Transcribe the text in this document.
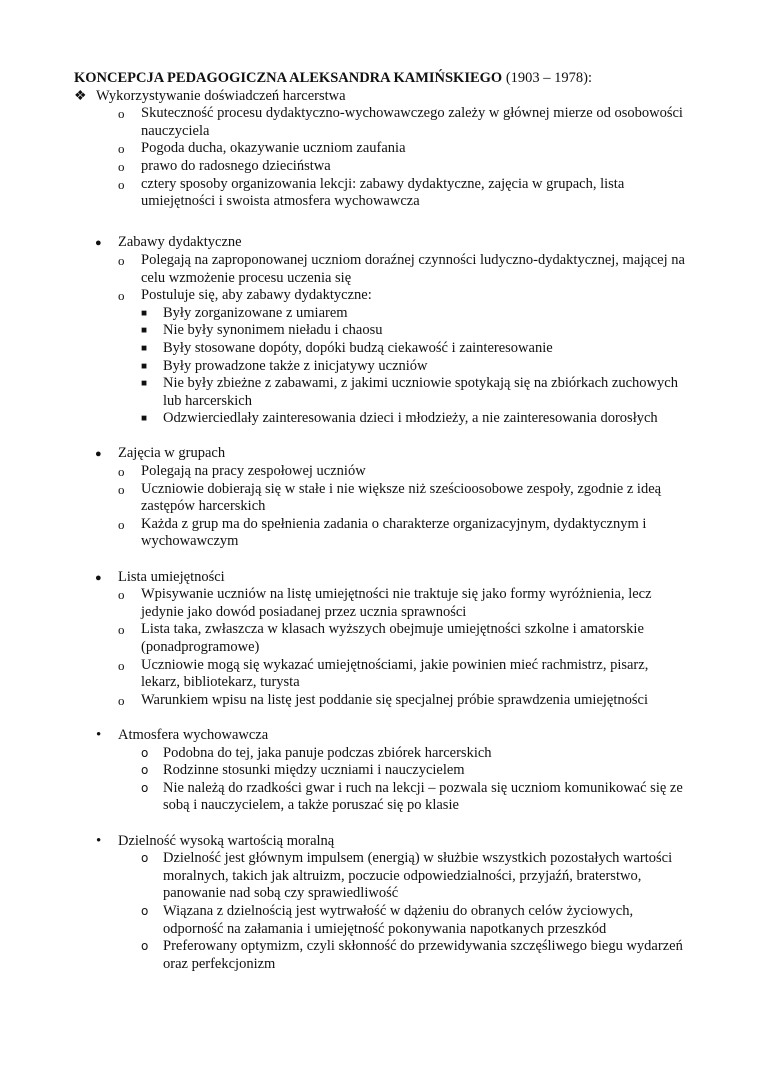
KONCEPCJA PEDAGOGICZNA ALEKSANDRA KAMIŃSKIEGO (1903 – 1978):
❖ Wykorzystywanie doświadczeń harcerstwa
o	Skuteczność procesu dydaktyczno-wychowawczego zależy w głównej mierze od osobowości nauczyciela
o	Pogoda ducha, okazywanie uczniom zaufania
o	prawo do radosnego dzieciństwa
o	cztery sposoby organizowania lekcji: zabawy dydaktyczne, zajęcia w grupach, lista umiejętności i swoista atmosfera wychowawcza
●	Zabawy dydaktyczne
o	Polegają na zaproponowanej uczniom doraźnej czynności ludyczno-dydaktycznej, mającej na celu wzmożenie procesu uczenia się
o	Postuluje się, aby zabawy dydaktyczne:
■	Były zorganizowane z umiarem
■	Nie były synonimem nieładu i chaosu
■	Były stosowane dopóty, dopóki budzą ciekawość i zainteresowanie
■	Były prowadzone także z inicjatywy uczniów
■	Nie były zbieżne z zabawami, z jakimi uczniowie spotykają się na zbiórkach zuchowych lub harcerskich
■	Odzwierciedlały zainteresowania dzieci i młodzieży, a nie zainteresowania dorosłych
●	Zajęcia w grupach
o	Polegają na pracy zespołowej uczniów
o	Uczniowie dobierają się w stałe i nie większe niż sześcioosobowe zespoły, zgodnie z ideą zastępów harcerskich
o	Każda z grup ma do spełnienia zadania o charakterze organizacyjnym, dydaktycznym i wychowawczym
●	Lista umiejętności
o	Wpisywanie uczniów na listę umiejętności nie traktuje się jako formy wyróżnienia, lecz jedynie jako dowód posiadanej przez ucznia sprawności
o	Lista taka, zwłaszcza w klasach wyższych obejmuje umiejętności szkolne i amatorskie (ponadprogramowe)
o	Uczniowie mogą się wykazać umiejętnościami, jakie powinien mieć rachmistrz, pisarz, lekarz, bibliotekarz, turysta
o	Warunkiem wpisu na listę jest poddanie się specjalnej próbie sprawdzenia umiejętności
•	Atmosfera wychowawcza
o	Podobna do tej, jaka panuje podczas zbiórek harcerskich
o	Rodzinne stosunki między uczniami i nauczycielem
o	Nie należą do rzadkości gwar i ruch na lekcji – pozwala się uczniom komunikować się ze sobą i nauczycielem, a także poruszać się po klasie
•	Dzielność wysoką wartością moralną
o	Dzielność jest głównym impulsem (energią) w służbie wszystkich pozostałych wartości moralnych, takich jak altruizm, poczucie odpowiedzialności, przyjaźń, braterstwo, panowanie nad sobą czy sprawiedliwość
o	Wiązana z dzielnością jest wytrwałość w dążeniu do obranych celów życiowych, odporność na załamania i umiejętność pokonywania napotkanych przeszkód
o	Preferowany optymizm, czyli skłonność do przewidywania szczęśliwego biegu wydarzeń oraz perfekcjonizm
